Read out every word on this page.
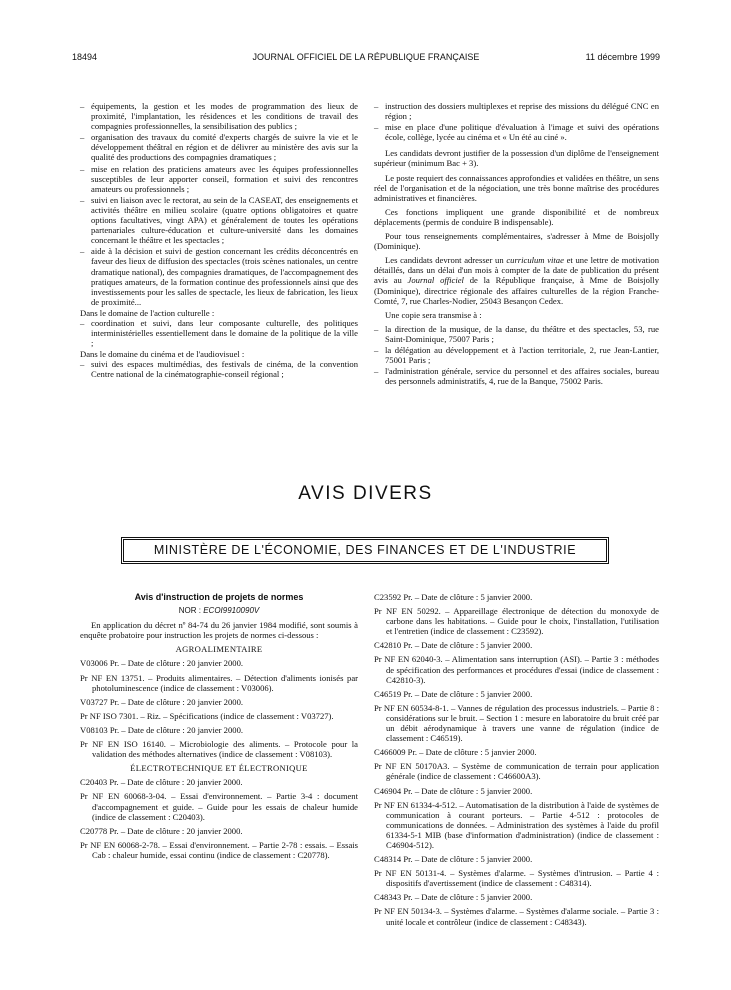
18494	JOURNAL OFFICIEL DE LA RÉPUBLIQUE FRANÇAISE	11 décembre 1999
– équipements, la gestion et les modes de programmation des lieux de proximité, l'implantation, les résidences et les conditions de travail des compagnies professionnelles, la sensibilisation des publics ;
– organisation des travaux du comité d'experts chargés de suivre la vie et le développement théâtral en région et de délivrer au ministère des avis sur la qualité des productions des compagnies dramatiques ;
– mise en relation des praticiens amateurs avec les équipes professionnelles susceptibles de leur apporter conseil, formation et suivi des rencontres amateurs ou professionnels ;
– suivi en liaison avec le rectorat, au sein de la CASEAT, des enseignements et activités théâtre en milieu scolaire (quatre options obligatoires et quatre options facultatives, vingt APA) et généralement de toutes les opérations partenariales culture-éducation et culture-université dans les domaines concernant le théâtre et les spectacles ;
– aide à la décision et suivi de gestion concernant les crédits déconcentrés en faveur des lieux de diffusion des spectacles (trois scènes nationales, un centre dramatique national), des compagnies dramatiques, de l'accompagnement des pratiques amateurs, de la formation continue des professionnels ainsi que des investissements pour les salles de spectacle, les lieux de fabrication, les lieux de proximité...

Dans le domaine de l'action culturelle :

– coordination et suivi, dans leur composante culturelle, des politiques interministérielles essentiellement dans le domaine de la politique de la ville ;

Dans le domaine du cinéma et de l'audiovisuel :

– suivi des espaces multimédias, des festivals de cinéma, de la convention Centre national de la cinématographie-conseil régional ;
– instruction des dossiers multiplexes et reprise des missions du délégué CNC en région ;
– mise en place d'une politique d'évaluation à l'image et suivi des opérations école, collège, lycée au cinéma et « Un été au ciné ».

Les candidats devront justifier de la possession d'un diplôme de l'enseignement supérieur (minimum Bac + 3).

Le poste requiert des connaissances approfondies et validées en théâtre, un sens réel de l'organisation et de la négociation, une très bonne maîtrise des procédures administratives et financières.

Ces fonctions impliquent une grande disponibilité et de nombreux déplacements (permis de conduire B indispensable).

Pour tous renseignements complémentaires, s'adresser à Mme de Boisjolly (Dominique).

Les candidats devront adresser un curriculum vitae et une lettre de motivation détaillés, dans un délai d'un mois à compter de la date de publication du présent avis au Journal officiel de la République française, à Mme de Boisjolly (Dominique), directrice régionale des affaires culturelles de la région Franche-Comté, 7, rue Charles-Nodier, 25043 Besançon Cedex.

Une copie sera transmise à :

– la direction de la musique, de la danse, du théâtre et des spectacles, 53, rue Saint-Dominique, 75007 Paris ;
– la délégation au développement et à l'action territoriale, 2, rue Jean-Lantier, 75001 Paris ;
– l'administration générale, service du personnel et des affaires sociales, bureau des personnels administratifs, 4, rue de la Banque, 75002 Paris.
AVIS DIVERS
MINISTÈRE DE L'ÉCONOMIE, DES FINANCES ET DE L'INDUSTRIE

Avis d'instruction de projets de normes

NOR : ECOI9910090V

En application du décret nº 84-74 du 26 janvier 1984 modifié, sont soumis à enquête probatoire pour instruction les projets de normes ci-dessous :

AGROALIMENTAIRE

V03006 Pr. – Date de clôture : 20 janvier 2000.

Pr NF EN 13751. – Produits alimentaires. – Détection d'aliments ionisés par photoluminescence (indice de classement : V03006).

V03727 Pr. – Date de clôture : 20 janvier 2000.

Pr NF ISO 7301. – Riz. – Spécifications (indice de classement : V03727).

V08103 Pr. – Date de clôture : 20 janvier 2000.

Pr NF EN ISO 16140. – Microbiologie des aliments. – Protocole pour la validation des méthodes alternatives (indice de classement : V08103).

ÉLECTROTECHNIQUE ET ÉLECTRONIQUE

C20403 Pr. – Date de clôture : 20 janvier 2000.

Pr NF EN 60068-3-04. – Essai d'environnement. – Partie 3-4 : document d'accompagnement et guide. – Guide pour les essais de chaleur humide (indice de classement : C20403).

C20778 Pr. – Date de clôture : 20 janvier 2000.

Pr NF EN 60068-2-78. – Essai d'environnement. – Partie 2-78 : essais. – Essais Cab : chaleur humide, essai continu (indice de classement : C20778).

C23592 Pr. – Date de clôture : 5 janvier 2000.

Pr NF EN 50292. – Appareillage électronique de détection du monoxyde de carbone dans les habitations. – Guide pour le choix, l'installation, l'utilisation et l'entretien (indice de classement : C23592).

C42810 Pr. – Date de clôture : 5 janvier 2000.

Pr NF EN 62040-3. – Alimentation sans interruption (ASI). – Partie 3 : méthodes de spécification des performances et procédures d'essai (indice de classement : C42810-3).

C46519 Pr. – Date de clôture : 5 janvier 2000.

Pr NF EN 60534-8-1. – Vannes de régulation des processus industriels. – Partie 8 : considérations sur le bruit. – Section 1 : mesure en laboratoire du bruit créé par un débit aérodynamique à travers une vanne de régulation (indice de classement : C46519).

C466009 Pr. – Date de clôture : 5 janvier 2000.

Pr NF EN 50170A3. – Système de communication de terrain pour application générale (indice de classement : C46600A3).

C46904 Pr. – Date de clôture : 5 janvier 2000.

Pr NF EN 61334-4-512. – Automatisation de la distribution à l'aide de systèmes de communication à courant porteurs. – Partie 4-512 : protocoles de communications de données. – Administration des systèmes à l'aide du profil 61334-5-1 MIB (base d'information d'administration) (indice de classement : C46904-512).

C48314 Pr. – Date de clôture : 5 janvier 2000.

Pr NF EN 50131-4. – Systèmes d'alarme. – Systèmes d'intrusion. – Partie 4 : dispositifs d'avertissement (indice de classement : C48314).

C48343 Pr. – Date de clôture : 5 janvier 2000.

Pr NF EN 50134-3. – Systèmes d'alarme. – Systèmes d'alarme sociale. – Partie 3 : unité locale et contrôleur (indice de classement : C48343).
